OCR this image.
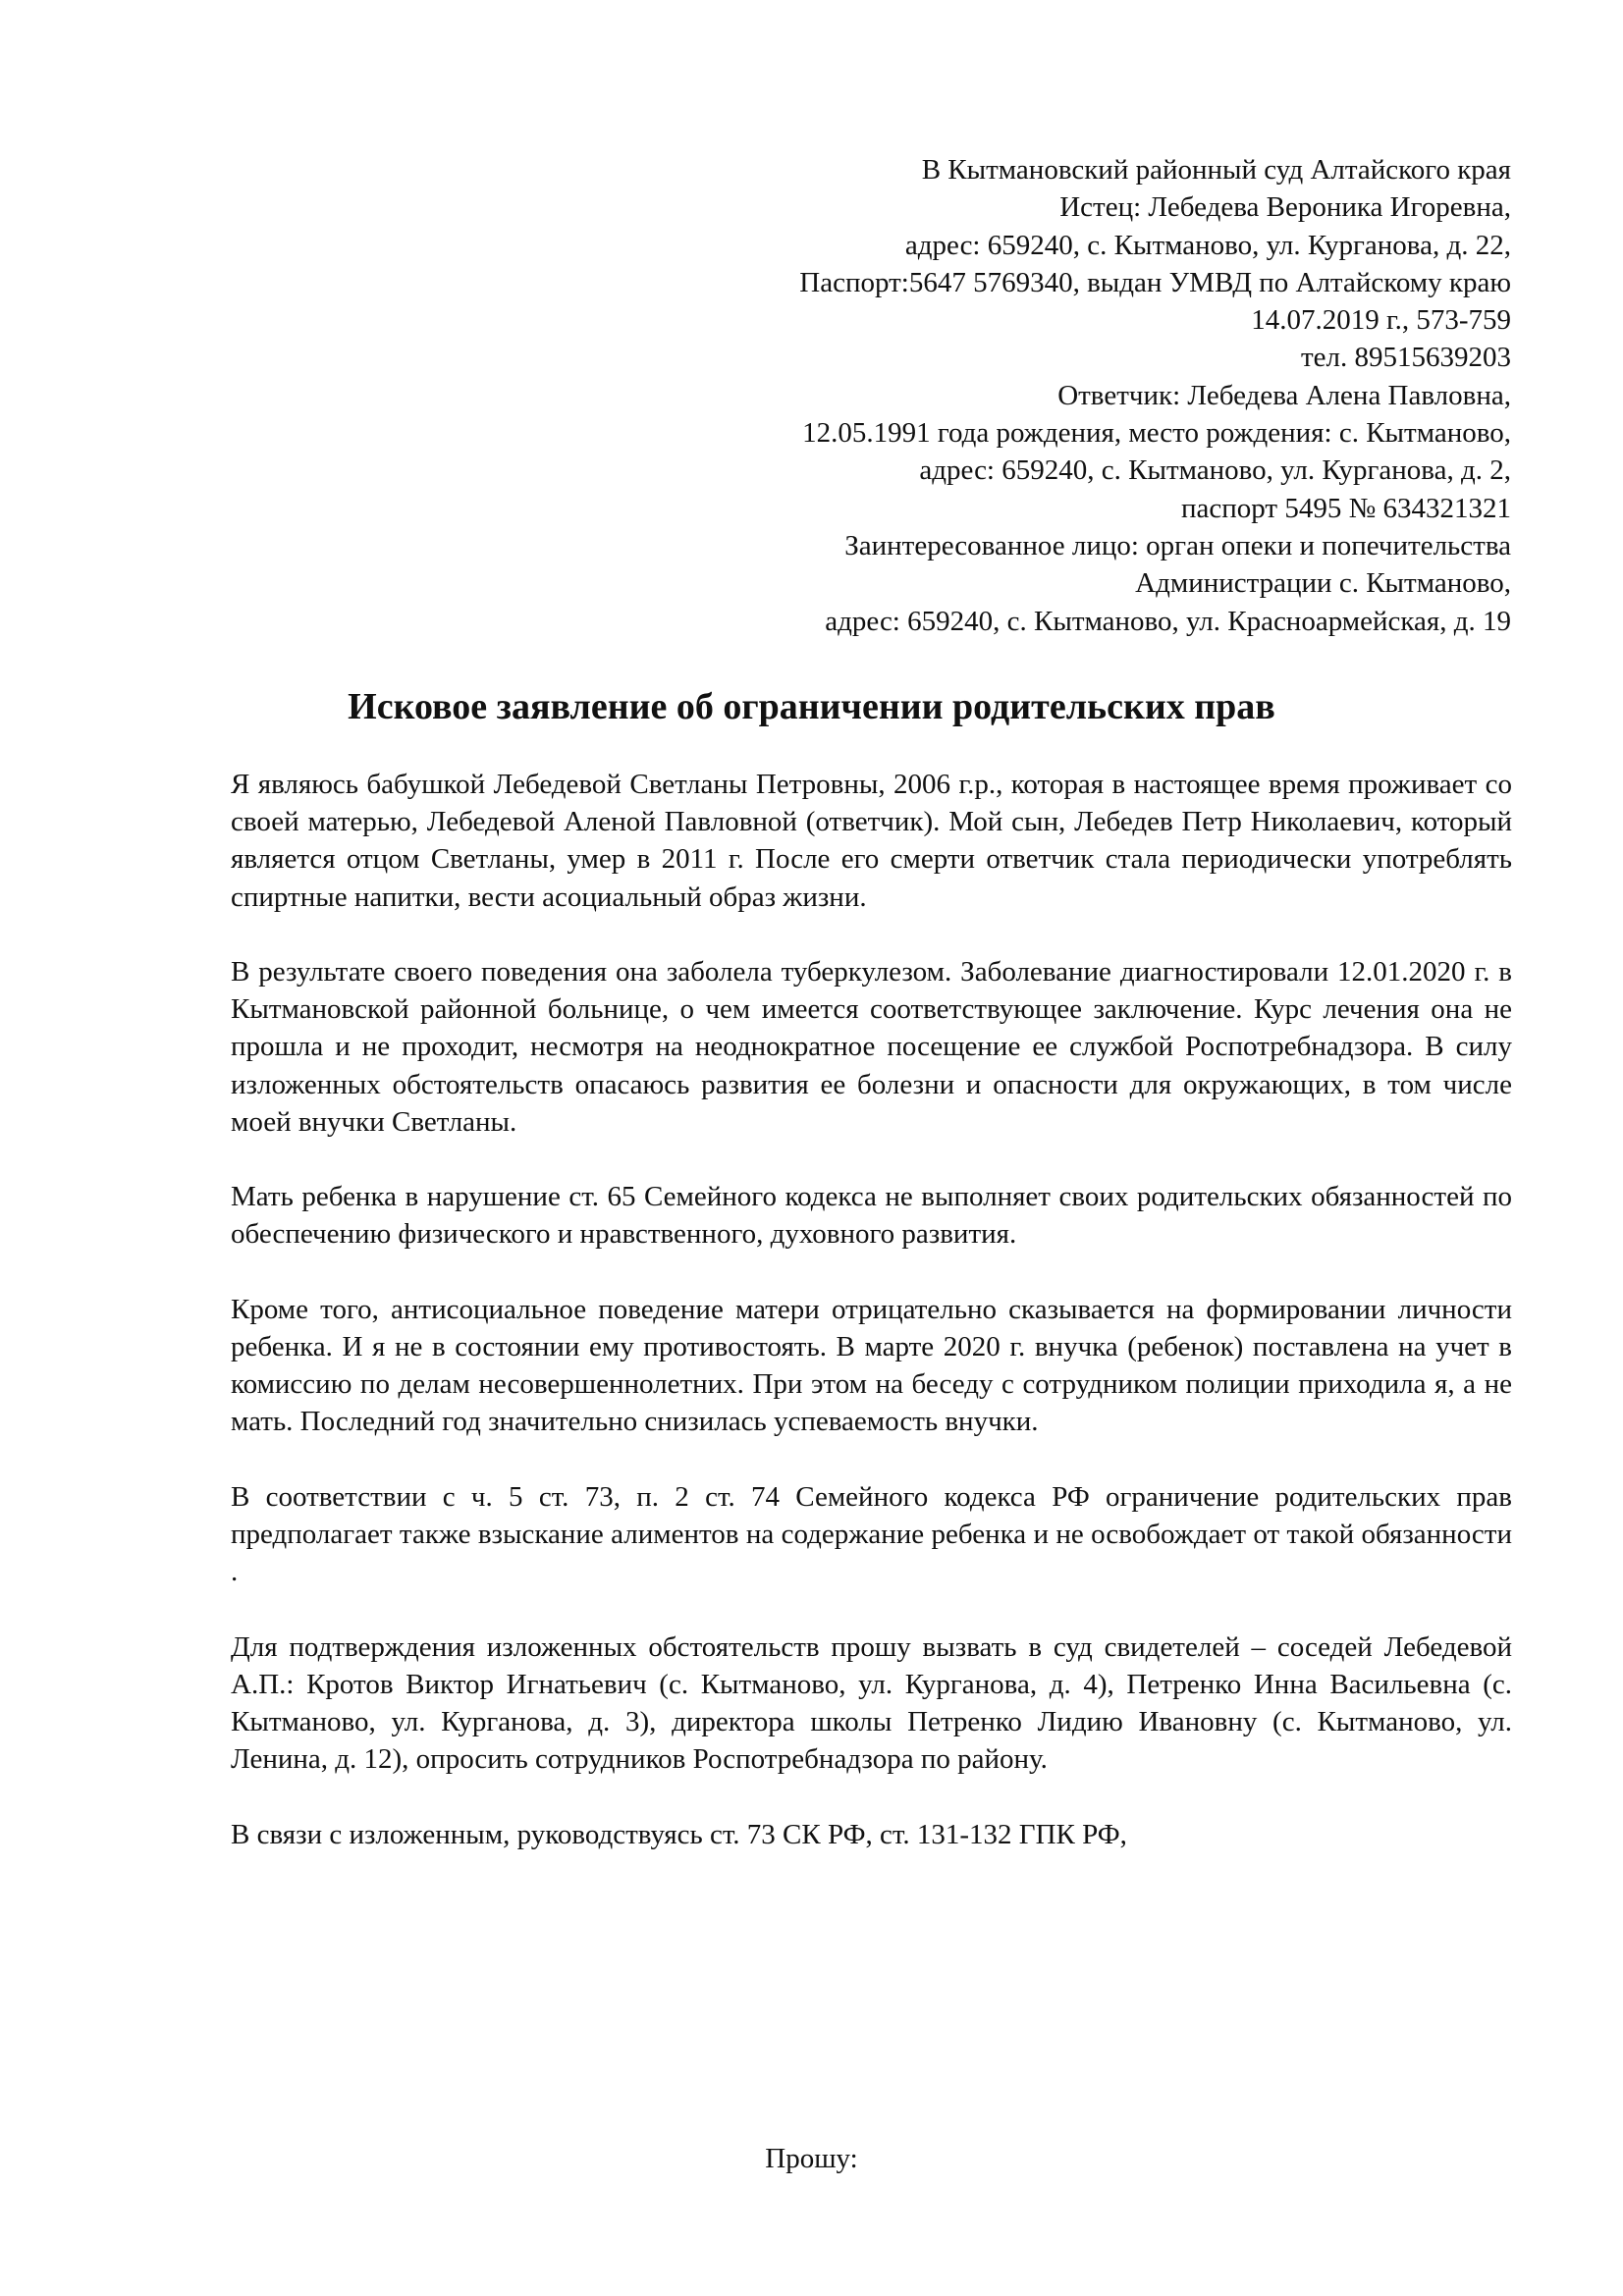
В Кытмановский районный суд Алтайского края
Истец: Лебедева Вероника Игоревна,
адрес: 659240, с. Кытманово, ул. Курганова, д. 22,
Паспорт:5647 5769340, выдан УМВД по Алтайскому краю
14.07.2019 г., 573-759
тел. 89515639203
Ответчик: Лебедева Алена Павловна,
12.05.1991 года рождения, место рождения: с. Кытманово,
адрес: 659240, с. Кытманово, ул. Курганова, д. 2,
паспорт 5495 № 634321321
Заинтересованное лицо: орган опеки и попечительства
Администрации с. Кытманово,
адрес: 659240, с. Кытманово, ул. Красноармейская, д. 19
Исковое заявление об ограничении родительских прав

Я являюсь бабушкой Лебедевой Светланы Петровны, 2006 г.р., которая в настоящее время проживает со своей матерью, Лебедевой Аленой Павловной (ответчик). Мой сын, Лебедев Петр Николаевич, который является отцом Светланы, умер в 2011 г. После его смерти ответчик стала периодически употреблять спиртные напитки, вести асоциальный образ жизни.

В результате своего поведения она заболела туберкулезом. Заболевание диагностировали 12.01.2020 г. в Кытмановской районной больнице, о чем имеется соответствующее заключение. Курс лечения она не прошла и не проходит, несмотря на неоднократное посещение ее службой Роспотребнадзора. В силу изложенных обстоятельств опасаюсь развития ее болезни и опасности для окружающих, в том числе моей внучки Светланы.

Мать ребенка в нарушение ст. 65 Семейного кодекса не выполняет своих родительских обязанностей по обеспечению физического и нравственного, духовного развития.

Кроме того, антисоциальное поведение матери отрицательно сказывается на формировании личности ребенка. И я не в состоянии ему противостоять. В марте 2020 г. внучка (ребенок) поставлена на учет в комиссию по делам несовершеннолетних. При этом на беседу с сотрудником полиции приходила я, а не мать. Последний год значительно снизилась успеваемость внучки.

В соответствии с ч. 5 ст. 73, п. 2 ст. 74 Семейного кодекса РФ ограничение родительских прав предполагает также взыскание алиментов на содержание ребенка и не освобождает от такой обязанности .

Для подтверждения изложенных обстоятельств прошу вызвать в суд свидетелей – соседей Лебедевой А.П.: Кротов Виктор Игнатьевич (с. Кытманово, ул. Курганова, д. 4), Петренко Инна Васильевна (с. Кытманово, ул. Курганова, д. 3), директора школы Петренко Лидию Ивановну (с. Кытманово, ул. Ленина, д. 12), опросить сотрудников Роспотребнадзора по району.

В связи с изложенным, руководствуясь ст. 73 СК РФ, ст. 131-132 ГПК РФ,

Прошу:
